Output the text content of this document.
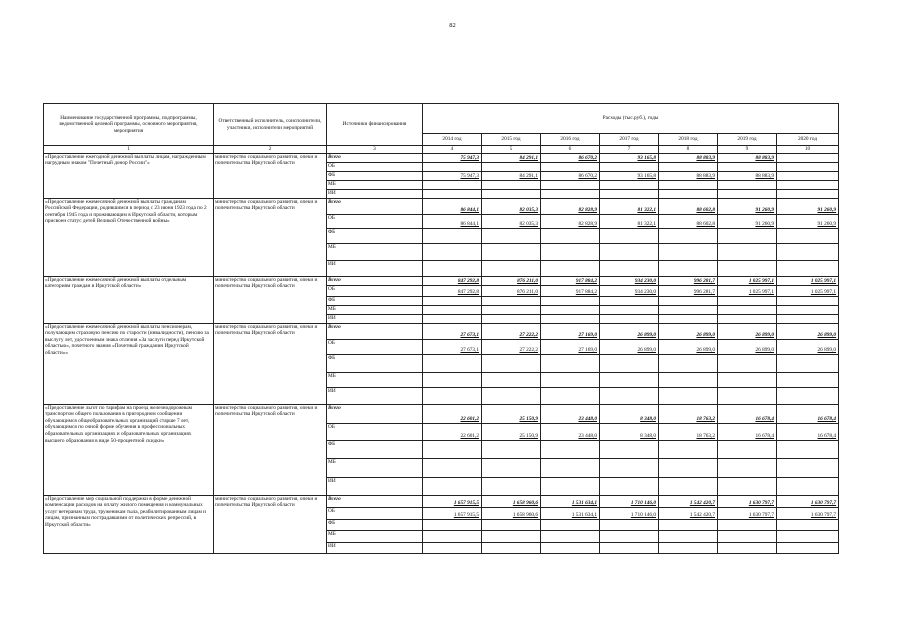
82
Наименование государственной программы, подпрограммы, ведомственной целевой программы, основного мероприятия, мероприятия	Ответственный исполнитель, соисполнители, участники, исполнители мероприятий	Источники финансирования	Расходы (тыс.руб.), годы						
			2014 год	2015 год	2016 год	2017 год	2018 год	2019 год	2020 год
1	2	3	4	5	6	7	8	9	10
«Предоставление ежегодной денежной выплаты лицам, награжденным нагрудным знаком "Почетный донор России"»	министерство социального развития, опеки и попечительства Иркутской области	Всего	75 947,3	84 291,1	86 670,2	93 165,8	88 883,9	88 883,9	
		ОБ							
		ФБ	75 947,3	84 291,1	86 670,2	93 165,8	88 883,9	88 883,9	
		МБ							
		ИИ							
«Предоставление ежемесячной денежной выплаты гражданам Российской Федерации, родившимся в период с 23 июня 1923 года по 2 сентября 1945 года и проживающим в Иркутской области, которым присвоен статус детей Великой Отечественной войны»	министерство социального развития, опеки и попечительства Иркутской области	Всего	86 844,1	82 035,3	82 828,9	81 322,1	88 602,8	91 260,9	91 260,9
		ОБ	86 844,1	82 035,3	82 828,9	81 322,1	88 602,8	91 260,9	91 260,9
		ФБ							
		МБ							
		ИИ							
«Предоставление ежемесячной денежной выплаты отдельным категориям граждан в Иркутской области»	министерство социального развития, опеки и попечительства Иркутской области	Всего	847 292,8	876 211,0	917 884,2	934 230,0	996 281,7	1 025 997,1	1 025 997,1
		ОБ	847 292,8	876 211,0	917 884,2	934 230,0	996 281,7	1 025 997,1	1 025 997,1
		ФБ							
		МБ							
		ИИ							
«Предоставление ежемесячной денежной выплаты пенсионерам, получающим страховую пенсию по старости (инвалидности), пенсию за выслугу лет, удостоенным знака отличия «За заслуги перед Иркутской областью», почетного звания «Почетный гражданин Иркутской области»»	министерство социального развития, опеки и попечительства Иркутской области	Всего	27 673,1	27 222,2	27 169,0	26 899,0	26 899,0	26 899,0	26 899,0
		ОБ	27 673,1	27 222,2	27 169,0	26 899,0	26 899,0	26 899,0	26 899,0
		ФБ							
		МБ							
		ИИ							
«Предоставление льгот по тарифам на проезд железнодорожным транспортом общего пользования в пригородном сообщении обучающимся общеобразовательных организаций старше 7 лет, обучающимся по очной форме обучения в профессиональных образовательных организациях и образовательных организациях высшего образования в виде 50-процентной скидки»	министерство социального развития, опеки и попечительства Иркутской области	Всего	22 601,2	25 150,9	23 448,0	8 348,0	18 763,2	16 678,4	16 678,4
		ОБ	22 601,2	25 150,9	23 448,0	8 348,0	18 763,2	16 678,4	16 678,4
		ФБ							
		МБ							
		ИИ							
«Предоставление мер социальной поддержки в форме денежной компенсации расходов на оплату жилого помещения и коммунальных услуг ветеранам труда, труженикам тыла, реабилитированным лицам и лицам, признанным пострадавшими от политических репрессий, в Иркутской области»	министерство социального развития, опеки и попечительства Иркутской области	Всего	1 657 915,5	1 658 960,6	1 531 634,1	1 710 146,0	1 542 420,7	1 630 797,7	1 630 797,7
		ОБ	1 657 915,5	1 658 960,6	1 531 634,1	1 710 146,0	1 542 420,7	1 630 797,7	1 630 797,7
		ФБ							
		МБ							
		ИИ							
